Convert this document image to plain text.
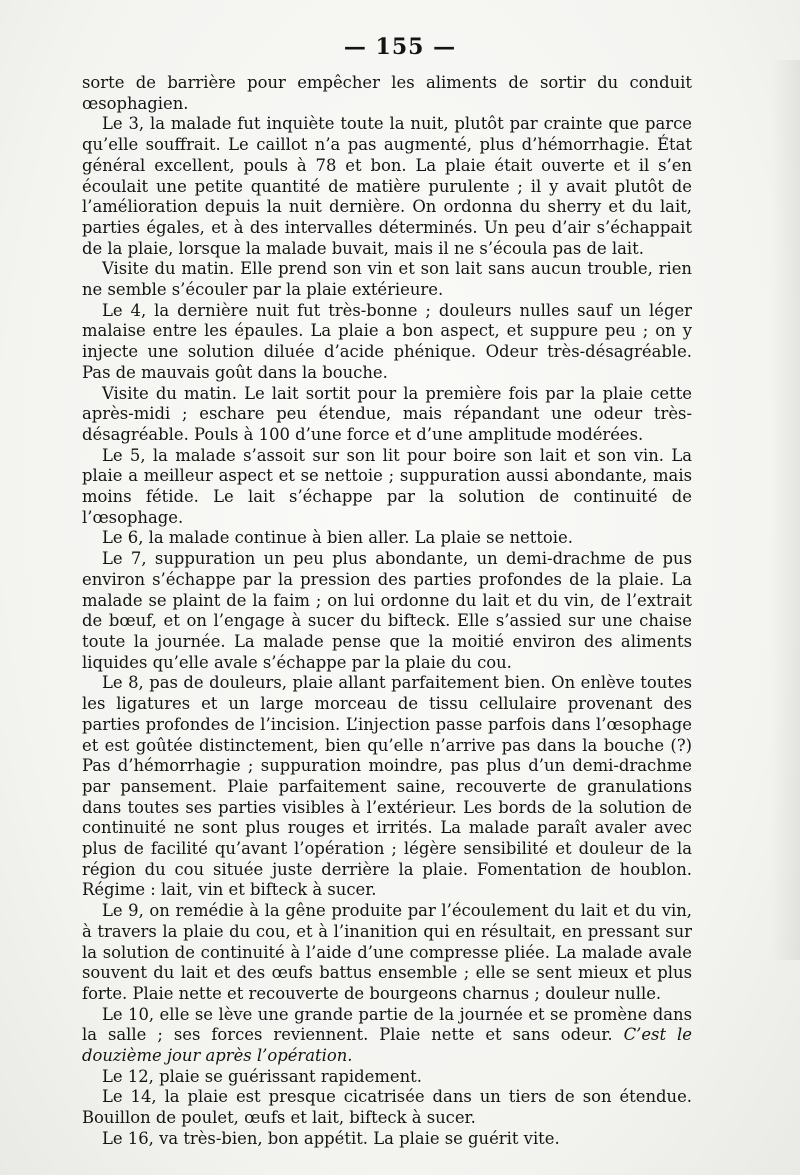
— 155 —

sorte de barrière pour empêcher les aliments de sortir du conduit œsophagien.

Le 3, la malade fut inquiète toute la nuit, plutôt par crainte que parce qu’elle souffrait. Le caillot n’a pas augmenté, plus d’hémorrhagie. État général excellent, pouls à 78 et bon. La plaie était ouverte et il s’en écoulait une petite quantité de matière purulente ; il y avait plutôt de l’amélioration depuis la nuit dernière. On ordonna du sherry et du lait, parties égales, et à des intervalles déterminés. Un peu d’air s’échappait de la plaie, lorsque la malade buvait, mais il ne s’écoula pas de lait.

Visite du matin. Elle prend son vin et son lait sans aucun trouble, rien ne semble s’écouler par la plaie extérieure.

Le 4, la dernière nuit fut très-bonne ; douleurs nulles sauf un léger malaise entre les épaules. La plaie a bon aspect, et suppure peu ; on y injecte une solution diluée d’acide phénique. Odeur très-désagréable. Pas de mauvais goût dans la bouche.

Visite du matin. Le lait sortit pour la première fois par la plaie cette après-midi ; eschare peu étendue, mais répandant une odeur très-désagréable. Pouls à 100 d’une force et d’une amplitude modérées.

Le 5, la malade s’assoit sur son lit pour boire son lait et son vin. La plaie a meilleur aspect et se nettoie ; suppuration aussi abondante, mais moins fétide. Le lait s’échappe par la solution de continuité de l’œsophage.

Le 6, la malade continue à bien aller. La plaie se nettoie.

Le 7, suppuration un peu plus abondante, un demi-drachme de pus environ s’échappe par la pression des parties profondes de la plaie. La malade se plaint de la faim ; on lui ordonne du lait et du vin, de l’extrait de bœuf, et on l’engage à sucer du bifteck. Elle s’assied sur une chaise toute la journée. La malade pense que la moitié environ des aliments liquides qu’elle avale s’échappe par la plaie du cou.

Le 8, pas de douleurs, plaie allant parfaitement bien. On enlève toutes les ligatures et un large morceau de tissu cellulaire provenant des parties profondes de l’incision. L’injection passe parfois dans l’œsophage et est goûtée distinctement, bien qu’elle n’arrive pas dans la bouche (?) Pas d’hémorrhagie ; suppuration moindre, pas plus d’un demi-drachme par pansement. Plaie parfaitement saine, recouverte de granulations dans toutes ses parties visibles à l’extérieur. Les bords de la solution de continuité ne sont plus rouges et irrités. La malade paraît avaler avec plus de facilité qu’avant l’opération ; légère sensibilité et douleur de la région du cou située juste derrière la plaie. Fomentation de houblon. Régime : lait, vin et bifteck à sucer.

Le 9, on remédie à la gêne produite par l’écoulement du lait et du vin, à travers la plaie du cou, et à l’inanition qui en résultait, en pressant sur la solution de continuité à l’aide d’une compresse pliée. La malade avale souvent du lait et des œufs battus ensemble ; elle se sent mieux et plus forte. Plaie nette et recouverte de bourgeons charnus ; douleur nulle.

Le 10, elle se lève une grande partie de la journée et se promène dans la salle ; ses forces reviennent. Plaie nette et sans odeur. C’est le douzième jour après l’opération.

Le 12, plaie se guérissant rapidement.

Le 14, la plaie est presque cicatrisée dans un tiers de son étendue. Bouillon de poulet, œufs et lait, bifteck à sucer.

Le 16, va très-bien, bon appétit. La plaie se guérit vite.
